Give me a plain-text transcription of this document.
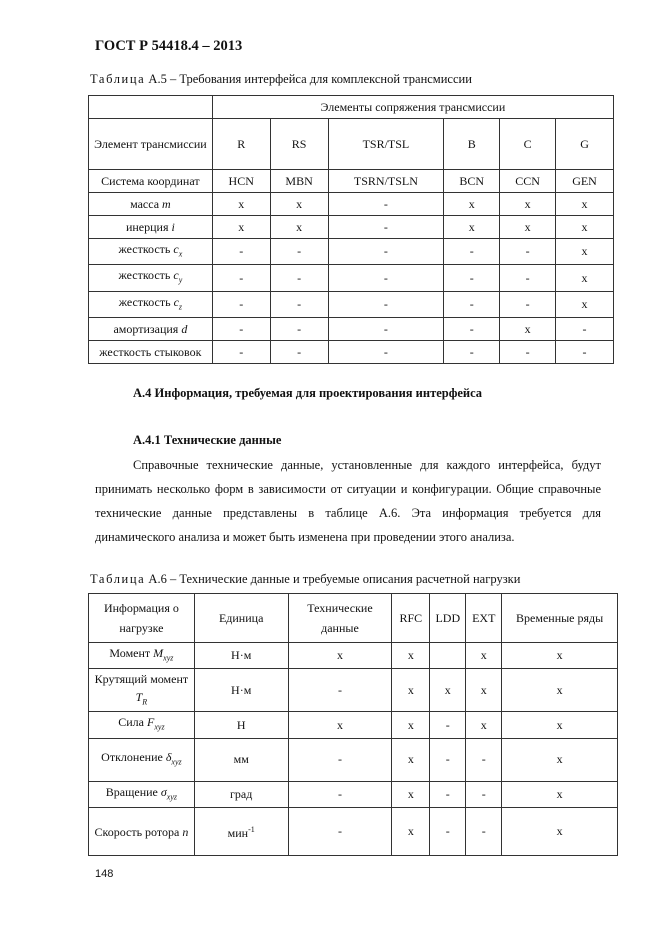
ГОСТ Р 54418.4 – 2013
Таблица А.5 – Требования интерфейса для комплексной трансмиссии
	Элементы сопряжения трансмиссии					
Элемент трансмиссии	R	RS	TSR/TSL	B	C	G
Система координат	HCN	MBN	TSRN/TSLN	BCN	CCN	GEN
масса m	x	x	-	x	x	x
инерция i	x	x	-	x	x	x
жесткость $c_x$	-	-	-	-	-	x
жесткость $c_y$	-	-	-	-	-	x
жесткость $c_z$	-	-	-	-	-	x
амортизация d	-	-	-	-	x	-
жесткость стыковок	-	-	-	-	-	-
А.4 Информация, требуемая для проектирования интерфейса
А.4.1 Технические данные
Справочные технические данные, установленные для каждого интерфейса, будут принимать несколько форм в зависимости от ситуации и конфигурации. Общие справочные технические данные представлены в таблице А.6. Эта информация требуется для динамического анализа и может быть изменена при проведении этого анализа.
Таблица А.6 – Технические данные и требуемые описания расчетной нагрузки
Информация о нагрузке	Единица	Технические данные	RFC	LDD	EXT	Временные ряды
Момент $M_{xyz}$	Н·м	x	x		x	x
Крутящий момент $T_R$	Н·м	-	x	x	x	x
Сила $F_{xyz}$	Н	x	x	-	x	x
Отклонение $\delta_{xyz}$	мм	-	x	-	-	x
Вращение $\sigma_{xyz}$	град	-	x	-	-	x
Скорость ротора n	мин$^{-1}$	-	x	-	-	x
148
